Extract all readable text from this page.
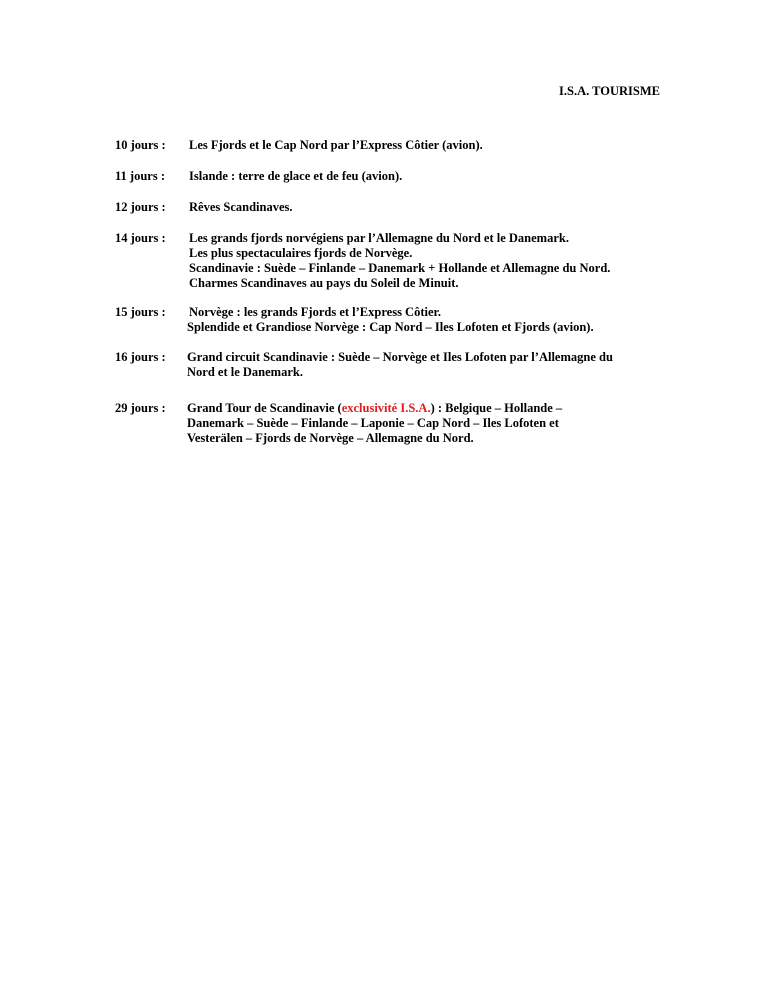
I.S.A. TOURISME
10 jours : Les Fjords et le Cap Nord par l’Express Côtier (avion).
11 jours : Islande : terre de glace et de feu (avion).
12 jours : Rêves Scandinaves.
14 jours : Les grands fjords norvégiens par l’Allemagne du Nord et le Danemark.
Les plus spectaculaires fjords de Norvège.
Scandinavie : Suède – Finlande – Danemark + Hollande et Allemagne du Nord.
Charmes Scandinaves au pays du Soleil de Minuit.
15 jours : Norvège : les grands Fjords et l’Express Côtier.
Splendide et Grandiose Norvège : Cap Nord – Iles Lofoten et Fjords (avion).
16 jours : Grand circuit Scandinavie : Suède – Norvège et Iles Lofoten par l’Allemagne du
Nord et le Danemark.
29 jours : Grand Tour de Scandinavie (exclusivité I.S.A.) : Belgique – Hollande –
Danemark – Suède – Finlande – Laponie – Cap Nord – Iles Lofoten et
Vesterälen – Fjords de Norvège – Allemagne du Nord.
